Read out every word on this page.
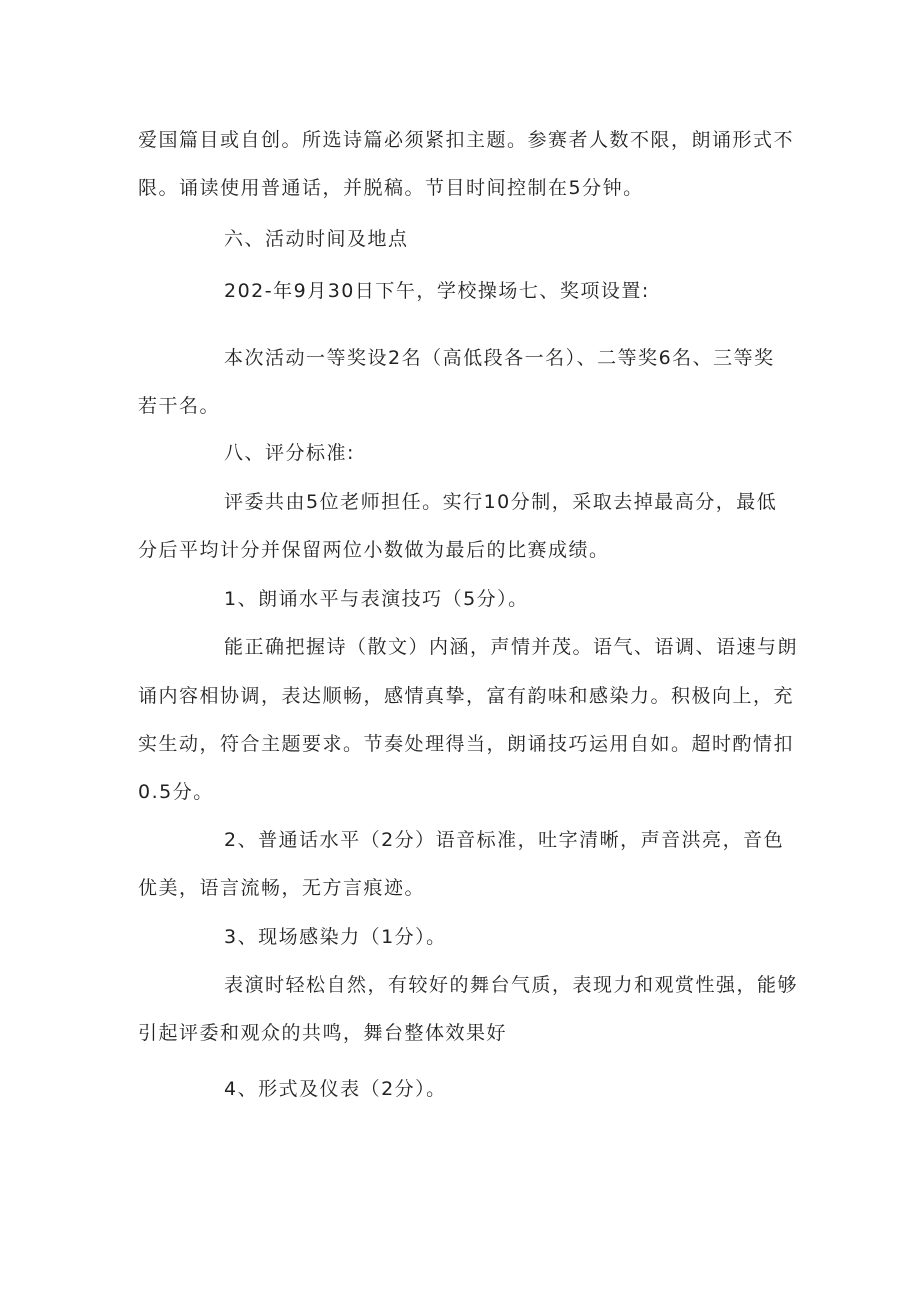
爱国篇目或自创。所选诗篇必须紧扣主题。参赛者人数不限，朗诵形式不

限。诵读使用普通话，并脱稿。节目时间控制在5分钟。

六、活动时间及地点

202-年9月30日下午，学校操场七、奖项设置:

本次活动一等奖设2名（高低段各一名）、二等奖6名、三等奖

若干名。

八、评分标准:

评委共由5位老师担任。实行10分制，采取去掉最高分，最低

分后平均计分并保留两位小数做为最后的比赛成绩。

1、朗诵水平与表演技巧（5分）。

能正确把握诗（散文）内涵，声情并茂。语气、语调、语速与朗

诵内容相协调，表达顺畅，感情真挚，富有韵味和感染力。积极向上，充

实生动，符合主题要求。节奏处理得当，朗诵技巧运用自如。超时酌情扣

0.5分。

2、普通话水平（2分）语音标准，吐字清晰，声音洪亮，音色

优美，语言流畅，无方言痕迹。

3、现场感染力（1分）。

表演时轻松自然，有较好的舞台气质，表现力和观赏性强，能够

引起评委和观众的共鸣，舞台整体效果好

4、形式及仪表（2分）。
